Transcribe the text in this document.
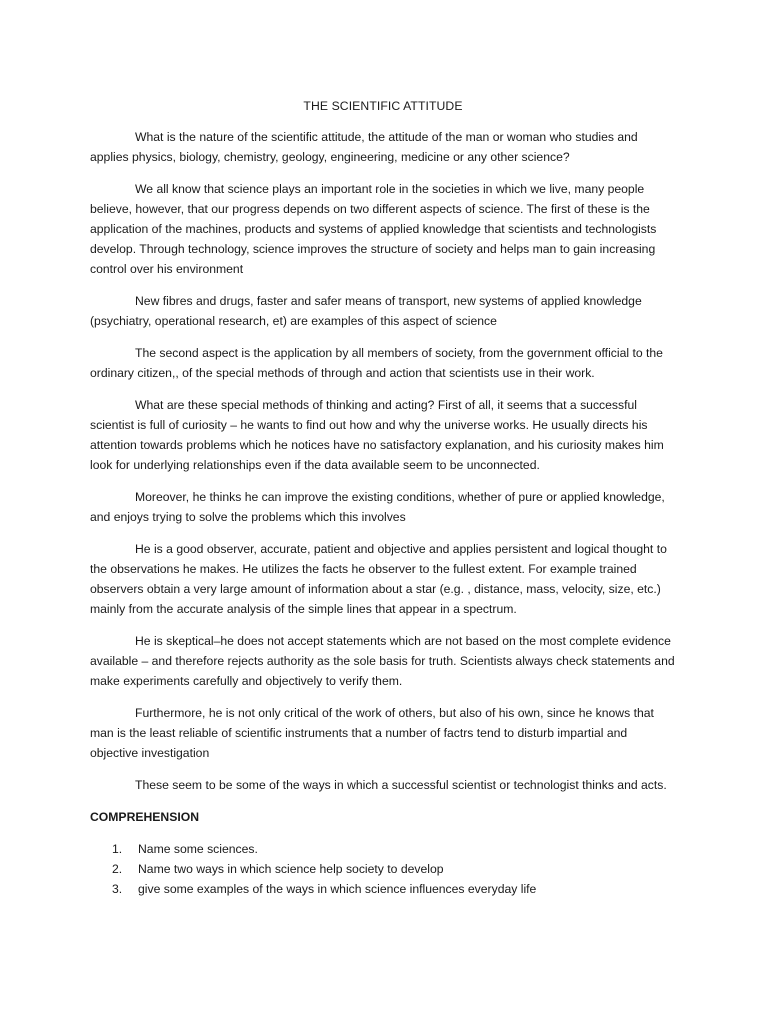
THE SCIENTIFIC ATTITUDE

What is the nature of the scientific attitude, the attitude of the man or woman who studies and applies physics, biology, chemistry, geology, engineering, medicine or any other science?

We all know that science plays an important role in the societies in which we live, many people believe, however, that our progress depends on two different aspects of science. The first of these is the application of the machines, products and systems of applied knowledge that scientists and technologists develop. Through technology, science improves the structure of society and helps man to gain increasing control over his environment

New fibres and drugs, faster and safer means of transport, new systems of applied knowledge (psychiatry, operational research, et) are examples of this aspect of science

The second aspect is the application by all members of society, from the government official to the ordinary citizen,, of the special methods of through and action that scientists use in their work.

What are these special methods of thinking and acting? First of all, it seems that a successful scientist is full of curiosity – he wants to find out how and why the universe works. He usually directs his attention towards problems which he notices have no satisfactory explanation, and his curiosity makes him look for underlying relationships even if the data available seem to be unconnected.

Moreover, he thinks he can improve the existing conditions, whether of pure or applied knowledge, and enjoys trying to solve the problems which this involves

He is a good observer, accurate, patient and objective and applies persistent and logical thought to the observations he makes. He utilizes the facts he observer to the fullest extent. For example trained observers obtain a very large amount of information about a star (e.g. , distance, mass, velocity, size, etc.) mainly from the accurate analysis of the simple lines that appear in a spectrum.

He is skeptical–he does not accept statements which are not based on the most complete evidence available – and therefore rejects authority as the sole basis for truth. Scientists always check statements and make experiments carefully and objectively to verify them.

Furthermore, he is not only critical of the work of others, but also of his own, since he knows that man is the least reliable of scientific instruments that a number of factrs tend to disturb impartial and objective investigation

These seem to be some of the ways in which a successful scientist or technologist thinks and acts.

COMPREHENSION
1.	Name some sciences.
2.	Name two ways in which science help society to develop
3.	give some examples of the ways in which science influences everyday life
